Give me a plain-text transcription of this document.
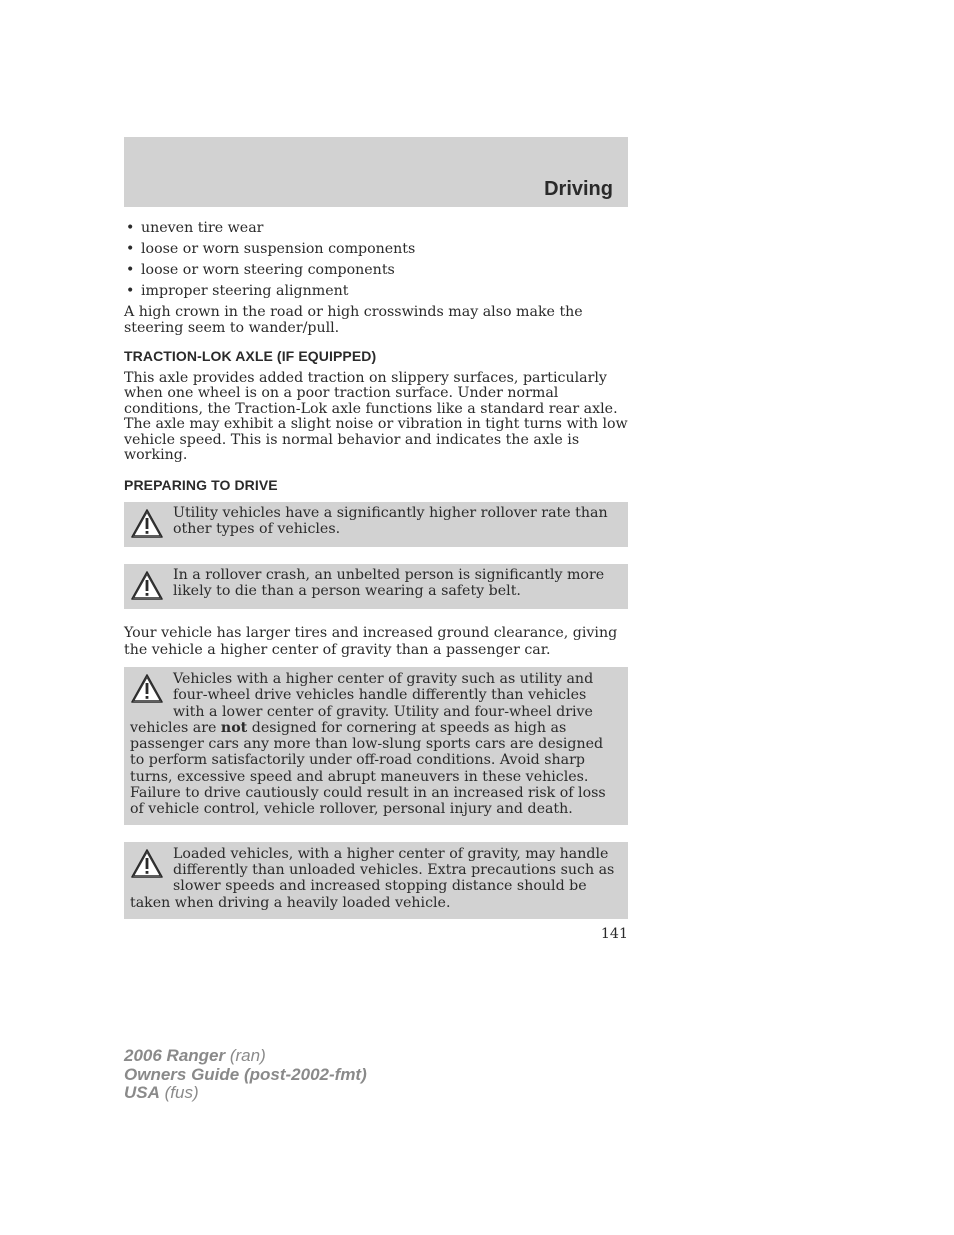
Driving
• uneven tire wear
• loose or worn suspension components
• loose or worn steering components
• improper steering alignment

A high crown in the road or high crosswinds may also make the steering seem to wander/pull.

TRACTION-LOK AXLE (IF EQUIPPED)

This axle provides added traction on slippery surfaces, particularly when one wheel is on a poor traction surface. Under normal conditions, the Traction-Lok axle functions like a standard rear axle. The axle may exhibit a slight noise or vibration in tight turns with low vehicle speed. This is normal behavior and indicates the axle is working.

PREPARING TO DRIVE
Utility vehicles have a significantly higher rollover rate than other types of vehicles.
In a rollover crash, an unbelted person is significantly more likely to die than a person wearing a safety belt.

Your vehicle has larger tires and increased ground clearance, giving the vehicle a higher center of gravity than a passenger car.

Vehicles with a higher center of gravity such as utility and four-wheel drive vehicles handle differently than vehicles with a lower center of gravity. Utility and four-wheel drive vehicles are not designed for cornering at speeds as high as passenger cars any more than low-slung sports cars are designed to perform satisfactorily under off-road conditions. Avoid sharp turns, excessive speed and abrupt maneuvers in these vehicles. Failure to drive cautiously could result in an increased risk of loss of vehicle control, vehicle rollover, personal injury and death.
Loaded vehicles, with a higher center of gravity, may handle differently than unloaded vehicles. Extra precautions such as slower speeds and increased stopping distance should be taken when driving a heavily loaded vehicle.
141
2006 Ranger (ran)
Owners Guide (post-2002-fmt)
USA (fus)
